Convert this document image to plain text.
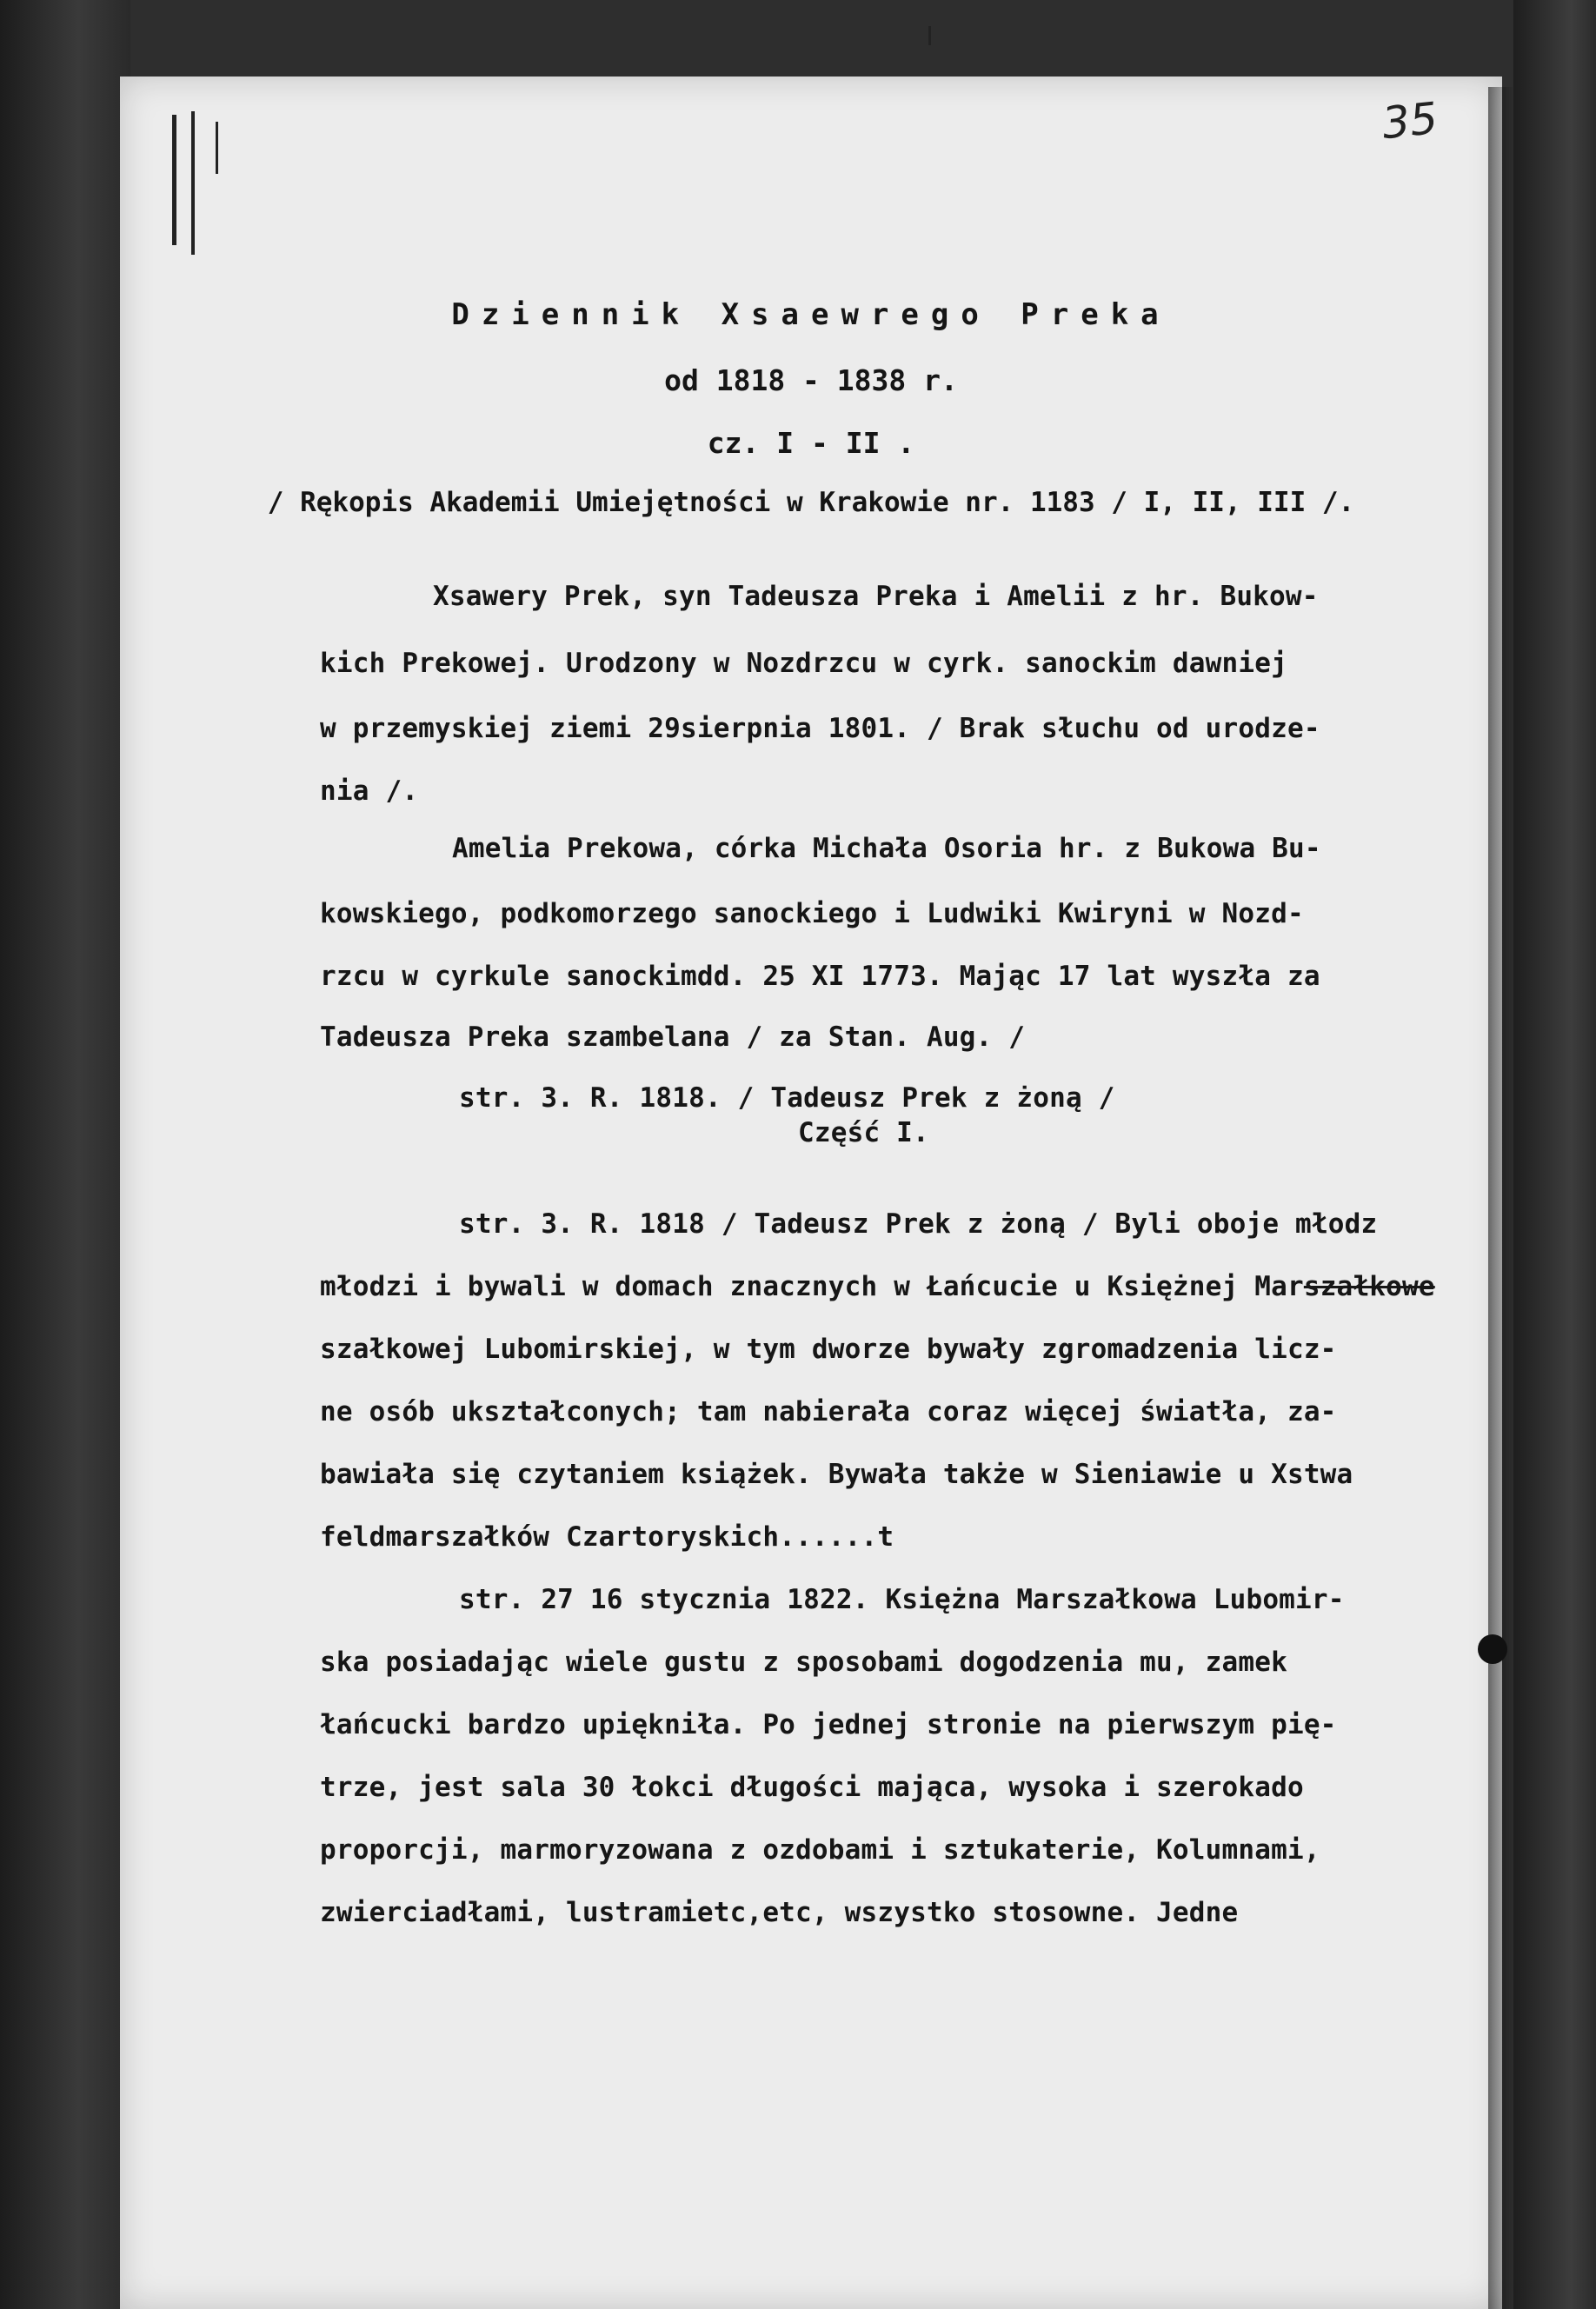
35
Dziennik Xsaewrego Preka
od 1818 - 1838 r.
cz. I - II .
/ Rękopis Akademii Umiejętności w Krakowie nr. 1183 / I, II, III /.
Xsawery Prek, syn Tadeusza Preka i Amelii z hr. Bukow-
kich Prekowej. Urodzony w Nozdrzcu w cyrk. sanockim dawniej
w przemyskiej ziemi 29sierpnia 1801. / Brak słuchu od urodze-
nia /.
Amelia Prekowa, córka Michała Osoria hr. z Bukowa Bu-
kowskiego, podkomorzego sanockiego i Ludwiki Kwiryni w Nozd-
rzcu w cyrkule sanockimdd. 25 XI 1773. Mając 17 lat wyszła za
Tadeusza Preka szambelana / za Stan. Aug. /
str. 3. R. 1818. / Tadeusz Prek z żoną /
Część I.
str. 3. R. 1818 / Tadeusz Prek z żoną / Byli oboje młodz
młodzi i bywali w domach znacznych w Łańcucie u Księżnej Marszałkowe
szałkowej Lubomirskiej, w tym dworze bywały zgromadzenia licz-
ne osób ukształconych; tam nabierała coraz więcej światła, za-
bawiała się czytaniem książek. Bywała także w Sieniawie u Xstwa
feldmarszałków Czartoryskich......t
str. 27 16 stycznia 1822. Księżna Marszałkowa Lubomir-
ska posiadając wiele gustu z sposobami dogodzenia mu, zamek
łańcucki bardzo upiękniła. Po jednej stronie na pierwszym pię-
trze, jest sala 30 łokci długości mająca, wysoka i szerokado
proporcji, marmoryzowana z ozdobami i sztukaterie, Kolumnami,
zwierciadłami, lustramietc,etc, wszystko stosowne. Jedne
